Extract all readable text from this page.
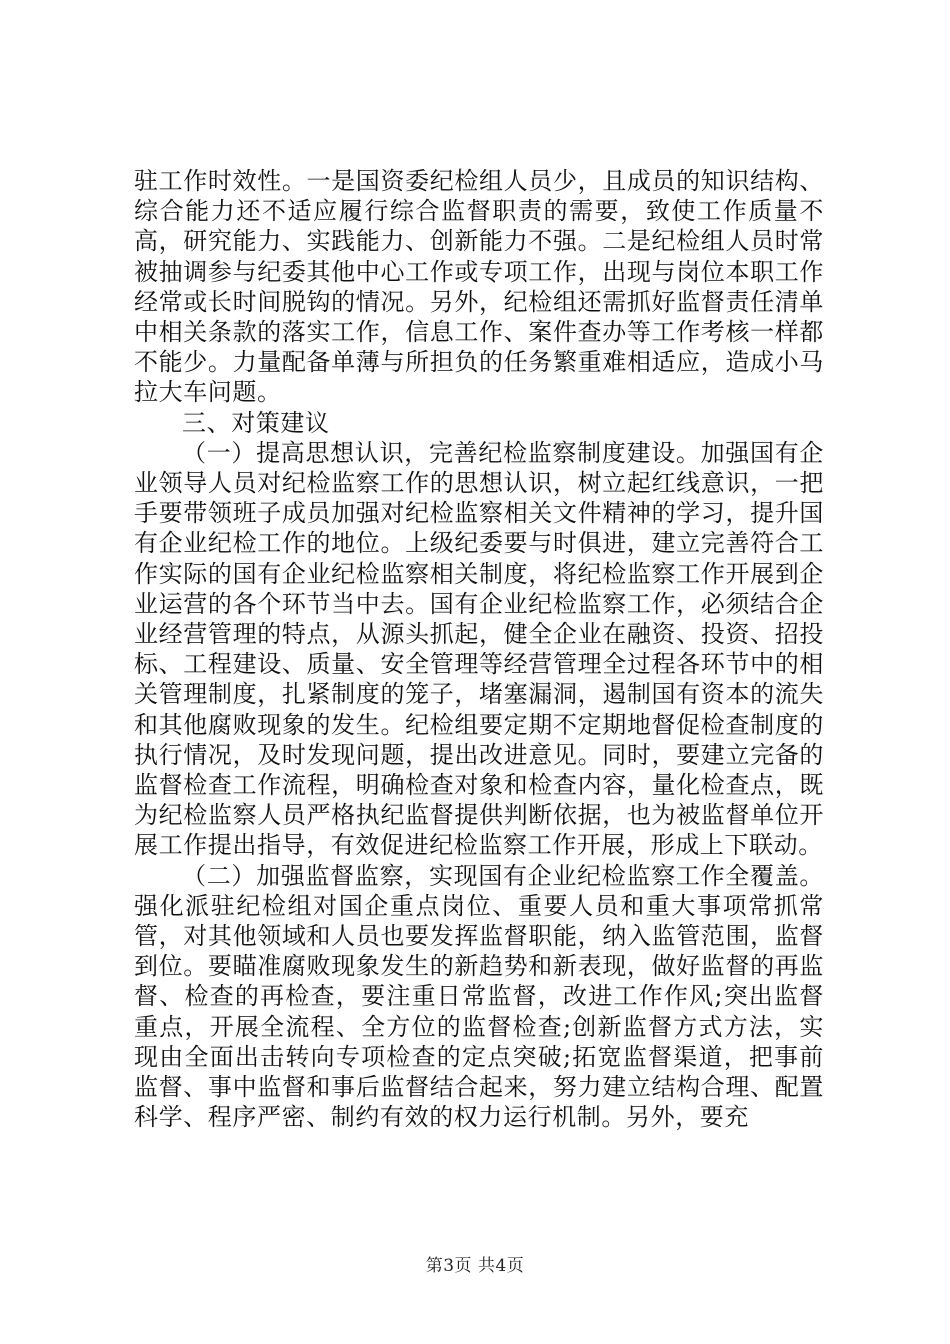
驻工作时效性。一是国资委纪检组人员少，且成员的知识结构、综合能力还不适应履行综合监督职责的需要，致使工作质量不高，研究能力、实践能力、创新能力不强。二是纪检组人员时常被抽调参与纪委其他中心工作或专项工作，出现与岗位本职工作经常或长时间脱钩的情况。另外，纪检组还需抓好监督责任清单中相关条款的落实工作，信息工作、案件查办等工作考核一样都不能少。力量配备单薄与所担负的任务繁重难相适应，造成小马拉大车问题。

三、对策建议

（一）提高思想认识，完善纪检监察制度建设。加强国有企业领导人员对纪检监察工作的思想认识，树立起红线意识，一把手要带领班子成员加强对纪检监察相关文件精神的学习，提升国有企业纪检工作的地位。上级纪委要与时俱进，建立完善符合工作实际的国有企业纪检监察相关制度，将纪检监察工作开展到企业运营的各个环节当中去。国有企业纪检监察工作，必须结合企业经营管理的特点，从源头抓起，健全企业在融资、投资、招投标、工程建设、质量、安全管理等经营管理全过程各环节中的相关管理制度，扎紧制度的笼子，堵塞漏洞，遏制国有资本的流失和其他腐败现象的发生。纪检组要定期不定期地督促检查制度的执行情况，及时发现问题，提出改进意见。同时，要建立完备的监督检查工作流程，明确检查对象和检查内容，量化检查点，既为纪检监察人员严格执纪监督提供判断依据，也为被监督单位开展工作提出指导，有效促进纪检监察工作开展，形成上下联动。

（二）加强监督监察，实现国有企业纪检监察工作全覆盖。强化派驻纪检组对国企重点岗位、重要人员和重大事项常抓常管，对其他领域和人员也要发挥监督职能，纳入监管范围，监督到位。要瞄准腐败现象发生的新趋势和新表现，做好监督的再监督、检查的再检查，要注重日常监督，改进工作作风;突出监督重点，开展全流程、全方位的监督检查;创新监督方式方法，实现由全面出击转向专项检查的定点突破;拓宽监督渠道，把事前监督、事中监督和事后监督结合起来，努力建立结构合理、配置科学、程序严密、制约有效的权力运行机制。另外，要充

第3页 共4页
